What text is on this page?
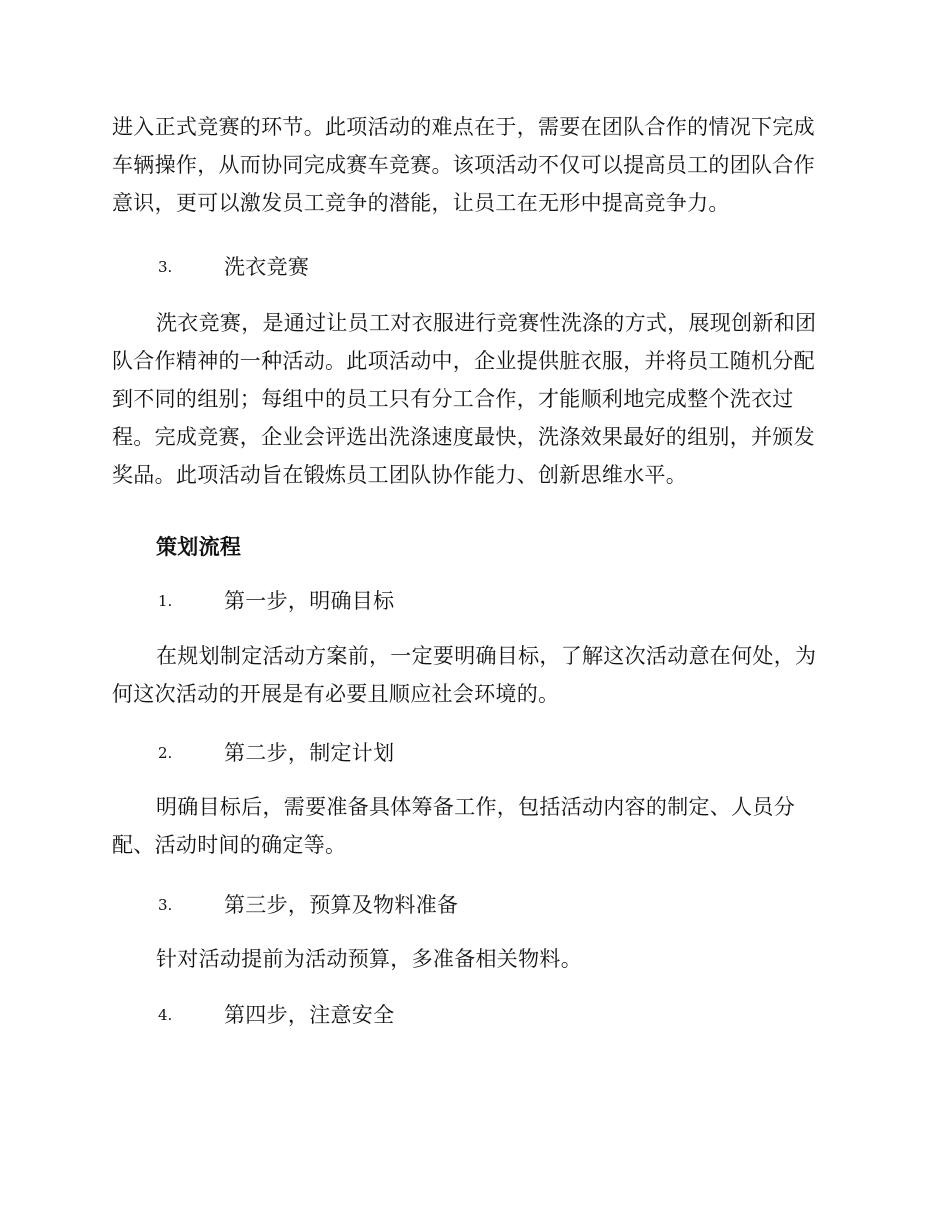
进入正式竞赛的环节。此项活动的难点在于，需要在团队合作的情况下完成车辆操作，从而协同完成赛车竞赛。该项活动不仅可以提高员工的团队合作意识，更可以激发员工竞争的潜能，让员工在无形中提高竞争力。

3. 洗衣竞赛

洗衣竞赛，是通过让员工对衣服进行竞赛性洗涤的方式，展现创新和团队合作精神的一种活动。此项活动中，企业提供脏衣服，并将员工随机分配到不同的组别；每组中的员工只有分工合作，才能顺利地完成整个洗衣过程。完成竞赛，企业会评选出洗涤速度最快，洗涤效果最好的组别，并颁发奖品。此项活动旨在锻炼员工团队协作能力、创新思维水平。

策划流程
1. 第一步，明确目标

在规划制定活动方案前，一定要明确目标，了解这次活动意在何处，为何这次活动的开展是有必要且顺应社会环境的。

2. 第二步，制定计划

明确目标后，需要准备具体筹备工作，包括活动内容的制定、人员分配、活动时间的确定等。

3. 第三步，预算及物料准备

针对活动提前为活动预算，多准备相关物料。

4. 第四步，注意安全
